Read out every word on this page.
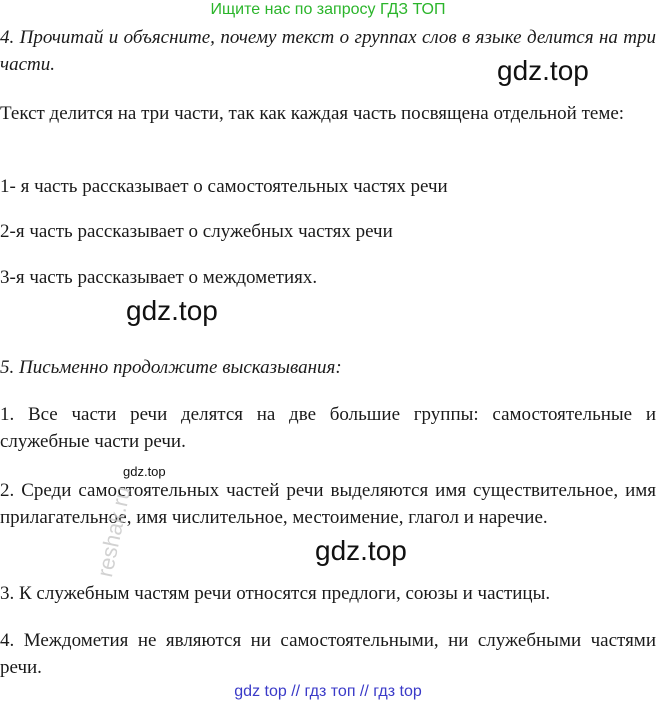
Ищите нас по запросу ГДЗ ТОП

4. Прочитай и объясните, почему текст о группах слов в языке делится на три части.

Текст делится на три части, так как каждая часть посвящена отдельной теме:

1- я часть рассказывает о самостоятельных частях речи

2-я часть рассказывает о служебных частях речи

3-я часть рассказывает о междометиях.

5. Письменно продолжите высказывания:

1. Все части речи делятся на две большие группы: самостоятельные и служебные части речи.

2. Среди самостоятельных частей речи выделяются имя существительное, имя прилагательное, имя числительное, местоимение, глагол и наречие.

3. К служебным частям речи относятся предлоги, союзы и частицы.

4. Междометия не являются ни самостоятельными, ни служебными частями речи.

gdz.top
gdz.top
gdz.top
gdz.top
reshak.ru
gdz top // гдз топ // гдз top
